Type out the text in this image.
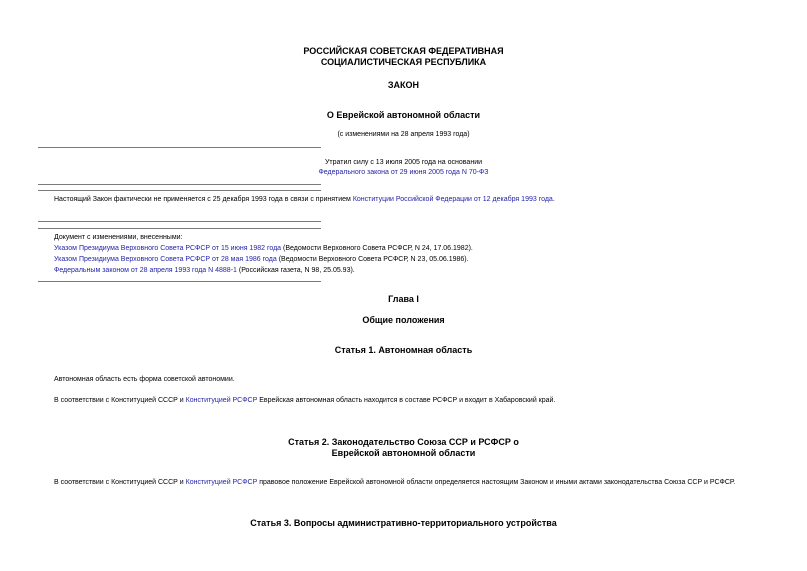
РОССИЙСКАЯ СОВЕТСКАЯ ФЕДЕРАТИВНАЯ
СОЦИАЛИСТИЧЕСКАЯ РЕСПУБЛИКА
ЗАКОН
О Еврейской автономной области
(с изменениями на 28 апреля 1993 года)
Утратил силу с 13 июля 2005 года на основании
Федерального закона от 29 июня 2005 года N 70-ФЗ
Настоящий Закон фактически не применяется с 25 декабря 1993 года в связи с принятием Конституции Российской Федерации от 12 декабря 1993 года.
Документ с изменениями, внесенными:
Указом Президиума Верховного Совета РСФСР от 15 июня 1982 года (Ведомости Верховного Совета РСФСР, N 24, 17.06.1982).
Указом Президиума Верховного Совета РСФСР от 28 мая 1986 года (Ведомости Верховного Совета РСФСР, N 23, 05.06.1986).
Федеральным законом от 28 апреля 1993 года N 4888-1 (Российская газета, N 98, 25.05.93).
Глава I
Общие положения
Статья 1. Автономная область
Автономная область есть форма советской автономии.
В соответствии с Конституцией СССР и Конституцией РСФСР Еврейская автономная область находится в составе РСФСР и входит в Хабаровский край.
Статья 2. Законодательство Союза ССР и РСФСР о
Еврейской автономной области
В соответствии с Конституцией СССР и Конституцией РСФСР правовое положение Еврейской автономной области определяется настоящим Законом и иными актами законодательства Союза ССР и РСФСР.
Статья 3. Вопросы административно-территориального устройства
